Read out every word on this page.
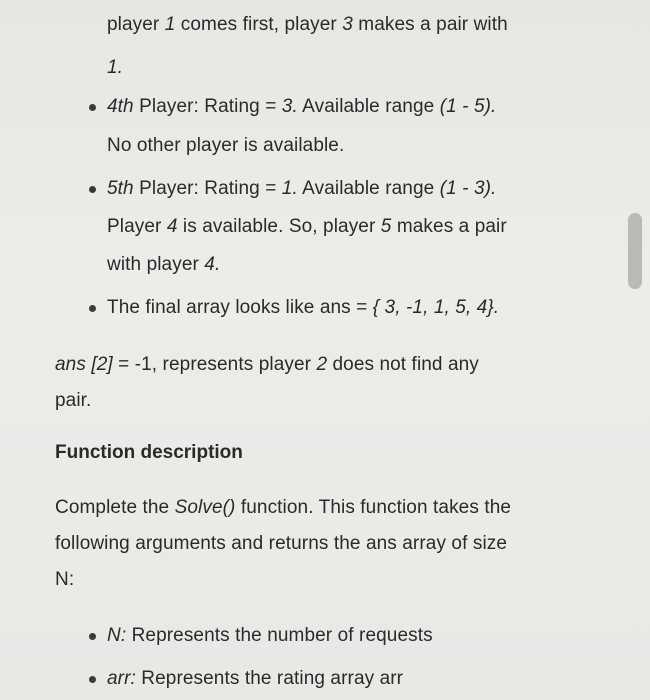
player 1 comes first, player 3 makes a pair with
1.
4th Player: Rating = 3. Available range (1 - 5).
No other player is available.
5th Player: Rating = 1. Available range (1 - 3).
Player 4 is available. So, player 5 makes a pair
with player 4.
The final array looks like ans = { 3, -1, 1, 5, 4}.
ans [2] = -1, represents player 2 does not find any
pair.
Function description
Complete the Solve() function. This function takes the
following arguments and returns the ans array of size
N:
N: Represents the number of requests
arr: Represents the rating array arr
